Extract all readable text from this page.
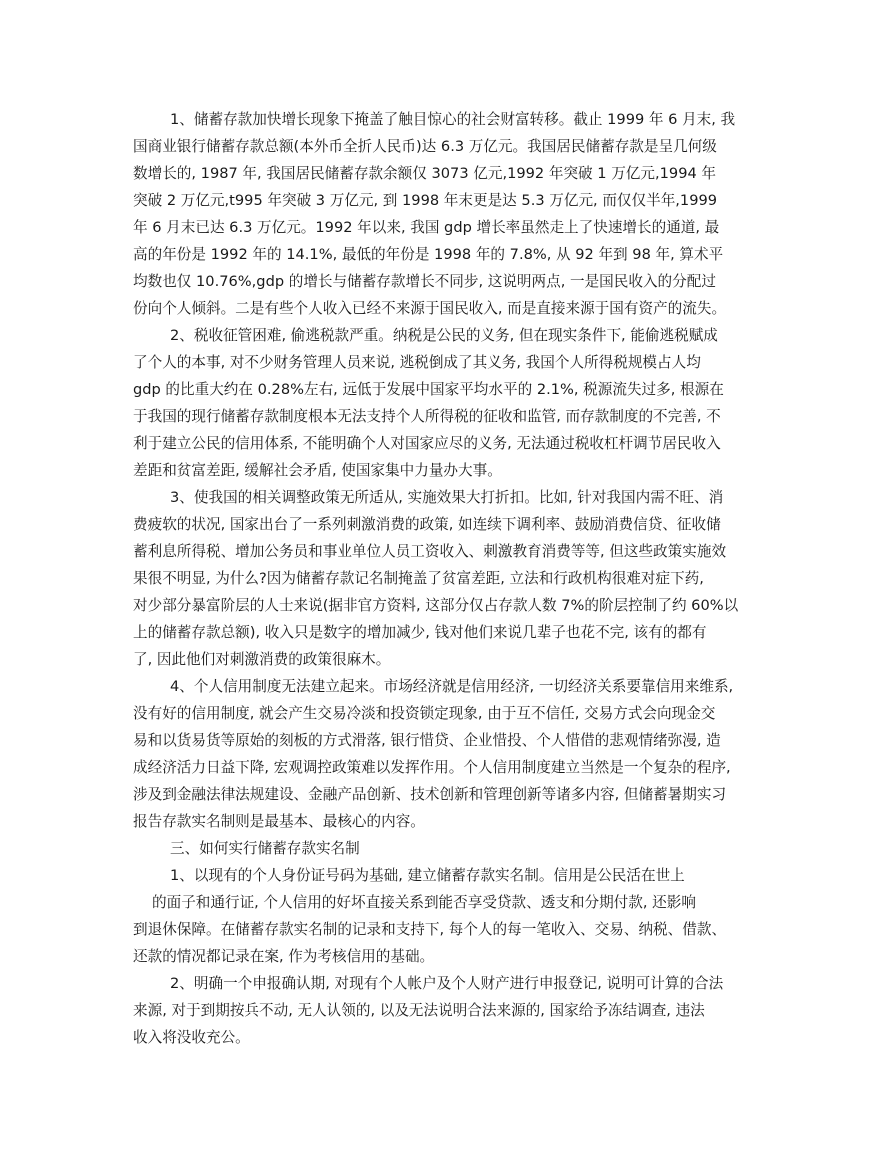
1、储蓄存款加快增长现象下掩盖了触目惊心的社会财富转移。截止 1999 年 6 月末, 我

国商业银行储蓄存款总额(本外币全折人民币)达 6.3 万亿元。我国居民储蓄存款是呈几何级

数增长的, 1987 年, 我国居民储蓄存款余额仅 3073 亿元,1992 年突破 1 万亿元,1994 年

突破 2 万亿元,t995 年突破 3 万亿元, 到 1998 年末更是达 5.3 万亿元, 而仅仅半年,1999

年 6 月末已达 6.3 万亿元。1992 年以来, 我国 gdp 增长率虽然走上了快速增长的通道, 最

高的年份是 1992 年的 14.1%, 最低的年份是 1998 年的 7.8%, 从 92 年到 98 年, 算术平

均数也仅 10.76%,gdp 的增长与储蓄存款增长不同步, 这说明两点, 一是国民收入的分配过

份向个人倾斜。二是有些个人收入已经不来源于国民收入, 而是直接来源于国有资产的流失。

2、税收征管困难, 偷逃税款严重。纳税是公民的义务, 但在现实条件下, 能偷逃税赋成

了个人的本事, 对不少财务管理人员来说, 逃税倒成了其义务, 我国个人所得税规模占人均

gdp 的比重大约在 0.28%左右, 远低于发展中国家平均水平的 2.1%, 税源流失过多, 根源在

于我国的现行储蓄存款制度根本无法支持个人所得税的征收和监管, 而存款制度的不完善, 不

利于建立公民的信用体系, 不能明确个人对国家应尽的义务, 无法通过税收杠杆调节居民收入

差距和贫富差距, 缓解社会矛盾, 使国家集中力量办大事。

3、使我国的相关调整政策无所适从, 实施效果大打折扣。比如, 针对我国内需不旺、消

费疲软的状况, 国家出台了一系列刺激消费的政策, 如连续下调利率、鼓励消费信贷、征收储

蓄利息所得税、增加公务员和事业单位人员工资收入、刺激教育消费等等, 但这些政策实施效

果很不明显, 为什么?因为储蓄存款记名制掩盖了贫富差距, 立法和行政机构很难对症下药,

对少部分暴富阶层的人士来说(据非官方资料, 这部分仅占存款人数 7%的阶层控制了约 60%以

上的储蓄存款总额), 收入只是数字的增加减少, 钱对他们来说几辈子也花不完, 该有的都有

了, 因此他们对刺激消费的政策很麻木。

4、个人信用制度无法建立起来。市场经济就是信用经济, 一切经济关系要靠信用来维系,

没有好的信用制度, 就会产生交易冷淡和投资锁定现象, 由于互不信任, 交易方式会向现金交

易和以货易货等原始的刻板的方式滑落, 银行惜贷、企业惜投、个人惜借的悲观情绪弥漫, 造

成经济活力日益下降, 宏观调控政策难以发挥作用。个人信用制度建立当然是一个复杂的程序,

涉及到金融法律法规建设、金融产品创新、技术创新和管理创新等诸多内容, 但储蓄暑期实习

报告存款实名制则是最基本、最核心的内容。

三、如何实行储蓄存款实名制

1、以现有的个人身份证号码为基础, 建立储蓄存款实名制。信用是公民活在世上

的面子和通行证, 个人信用的好坏直接关系到能否享受贷款、透支和分期付款, 还影响

到退休保障。在储蓄存款实名制的记录和支持下, 每个人的每一笔收入、交易、纳税、借款、

还款的情况都记录在案, 作为考核信用的基础。

2、明确一个申报确认期, 对现有个人帐户及个人财产进行申报登记, 说明可计算的合法

来源, 对于到期按兵不动, 无人认领的, 以及无法说明合法来源的, 国家给予冻结调查, 违法

收入将没收充公。
